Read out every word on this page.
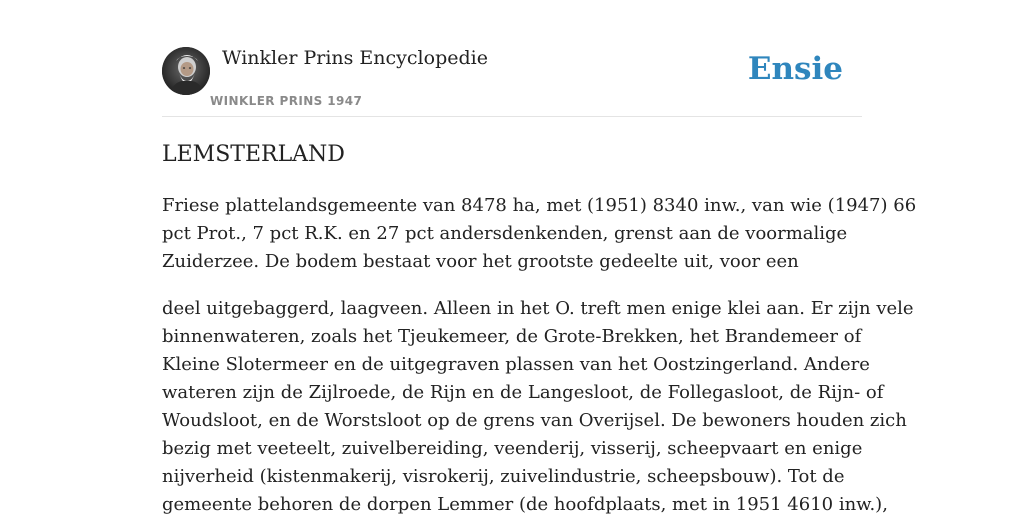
Winkler Prins Encyclopedie
WINKLER PRINS 1947
Ensie
LEMSTERLAND

Friese plattelandsgemeente van 8478 ha, met (1951) 8340 inw., van wie (1947) 66
pct Prot., 7 pct R.K. en 27 pct andersdenkenden, grenst aan de voormalige
Zuiderzee. De bodem bestaat voor het grootste gedeelte uit, voor een

deel uitgebaggerd, laagveen. Alleen in het O. treft men enige klei aan. Er zijn vele
binnenwateren, zoals het Tjeukemeer, de Grote-Brekken, het Brandemeer of
Kleine Slotermeer en de uitgegraven plassen van het Oostzingerland. Andere
wateren zijn de Zijlroede, de Rijn en de Langesloot, de Follegasloot, de Rijn- of
Woudsloot, en de Worstsloot op de grens van Overijsel. De bewoners houden zich
bezig met veeteelt, zuivelbereiding, veenderij, visserij, scheepvaart en enige
nijverheid (kistenmakerij, visrokerij, zuivelindustrie, scheepsbouw). Tot de
gemeente behoren de dorpen Lemmer (de hoofdplaats, met in 1951 4610 inw.),
